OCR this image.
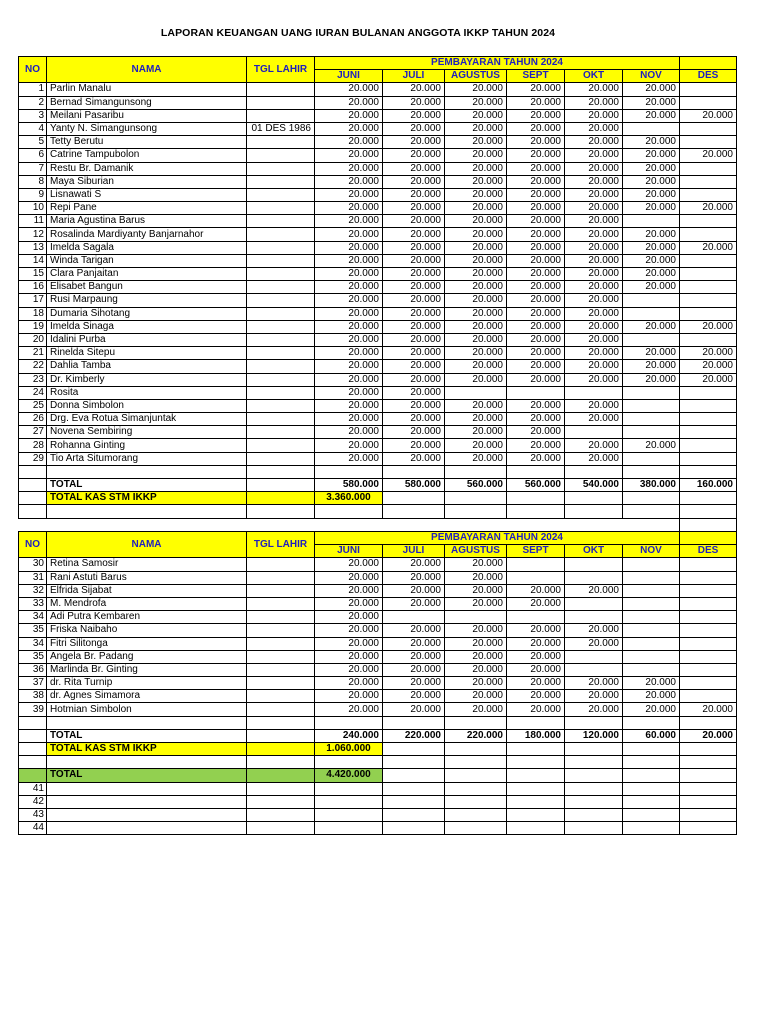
LAPORAN KEUANGAN UANG IURAN BULANAN ANGGOTA IKKP TAHUN 2024
NO	NAMA	TGL LAHIR	PEMBAYARAN TAHUN 2024						
			JUNI	JULI	AGUSTUS	SEPT	OKT	NOV	DES
1	Parlin Manalu		20.000	20.000	20.000	20.000	20.000	20.000	
2	Bernad Simangunsong		20.000	20.000	20.000	20.000	20.000	20.000	
3	Meilani Pasaribu		20.000	20.000	20.000	20.000	20.000	20.000	20.000
4	Yanty N. Simangunsong	01 DES 1986	20.000	20.000	20.000	20.000	20.000		
5	Tetty Berutu		20.000	20.000	20.000	20.000	20.000	20.000	
6	Catrine Tampubolon		20.000	20.000	20.000	20.000	20.000	20.000	20.000
7	Restu Br. Damanik		20.000	20.000	20.000	20.000	20.000	20.000	
8	Maya Siburian		20.000	20.000	20.000	20.000	20.000	20.000	
9	Lisnawati S		20.000	20.000	20.000	20.000	20.000	20.000	
10	Repi Pane		20.000	20.000	20.000	20.000	20.000	20.000	20.000
11	Maria Agustina Barus		20.000	20.000	20.000	20.000	20.000		
12	Rosalinda Mardiyanty Banjarnahor		20.000	20.000	20.000	20.000	20.000	20.000	
13	Imelda Sagala		20.000	20.000	20.000	20.000	20.000	20.000	20.000
14	Winda Tarigan		20.000	20.000	20.000	20.000	20.000	20.000	
15	Clara Panjaitan		20.000	20.000	20.000	20.000	20.000	20.000	
16	Elisabet Bangun		20.000	20.000	20.000	20.000	20.000	20.000	
17	Rusi Marpaung		20.000	20.000	20.000	20.000	20.000		
18	Dumaria Sihotang		20.000	20.000	20.000	20.000	20.000		
19	Imelda Sinaga		20.000	20.000	20.000	20.000	20.000	20.000	20.000
20	Idalini Purba		20.000	20.000	20.000	20.000	20.000		
21	Rinelda Sitepu		20.000	20.000	20.000	20.000	20.000	20.000	20.000
22	Dahlia Tamba		20.000	20.000	20.000	20.000	20.000	20.000	20.000
23	Dr. Kimberly		20.000	20.000	20.000	20.000	20.000	20.000	20.000
24	Rosita		20.000	20.000					
25	Donna Simbolon		20.000	20.000	20.000	20.000	20.000		
26	Drg. Eva Rotua Simanjuntak		20.000	20.000	20.000	20.000	20.000		
27	Novena Sembiring		20.000	20.000	20.000	20.000			
28	Rohanna Ginting		20.000	20.000	20.000	20.000	20.000	20.000	
29	Tio Arta Situmorang		20.000	20.000	20.000	20.000	20.000		

	TOTAL		580.000	580.000	560.000	560.000	540.000	380.000	160.000
	TOTAL KAS STM IKKP		3.360.000						

NO	NAMA	TGL LAHIR	PEMBAYARAN TAHUN 2024						
			JUNI	JULI	AGUSTUS	SEPT	OKT	NOV	DES
30	Retina Samosir		20.000	20.000	20.000				
31	Rani Astuti Barus		20.000	20.000	20.000				
32	Elfrida Sijabat		20.000	20.000	20.000	20.000	20.000		
33	M. Mendrofa		20.000	20.000	20.000	20.000			
34	Adi Putra Kembaren		20.000						
35	Friska Naibaho		20.000	20.000	20.000	20.000	20.000		
34	Fitri Silitonga		20.000	20.000	20.000	20.000	20.000		
35	Angela Br. Padang		20.000	20.000	20.000	20.000			
36	Marlinda Br. Ginting		20.000	20.000	20.000	20.000			
37	dr. Rita Turnip		20.000	20.000	20.000	20.000	20.000	20.000	
38	dr. Agnes Simamora		20.000	20.000	20.000	20.000	20.000	20.000	
39	Hotmian Simbolon		20.000	20.000	20.000	20.000	20.000	20.000	20.000

	TOTAL		240.000	220.000	220.000	180.000	120.000	60.000	20.000
	TOTAL KAS STM IKKP		1.060.000						

	TOTAL		4.420.000						
41									
42									
43									
44									
